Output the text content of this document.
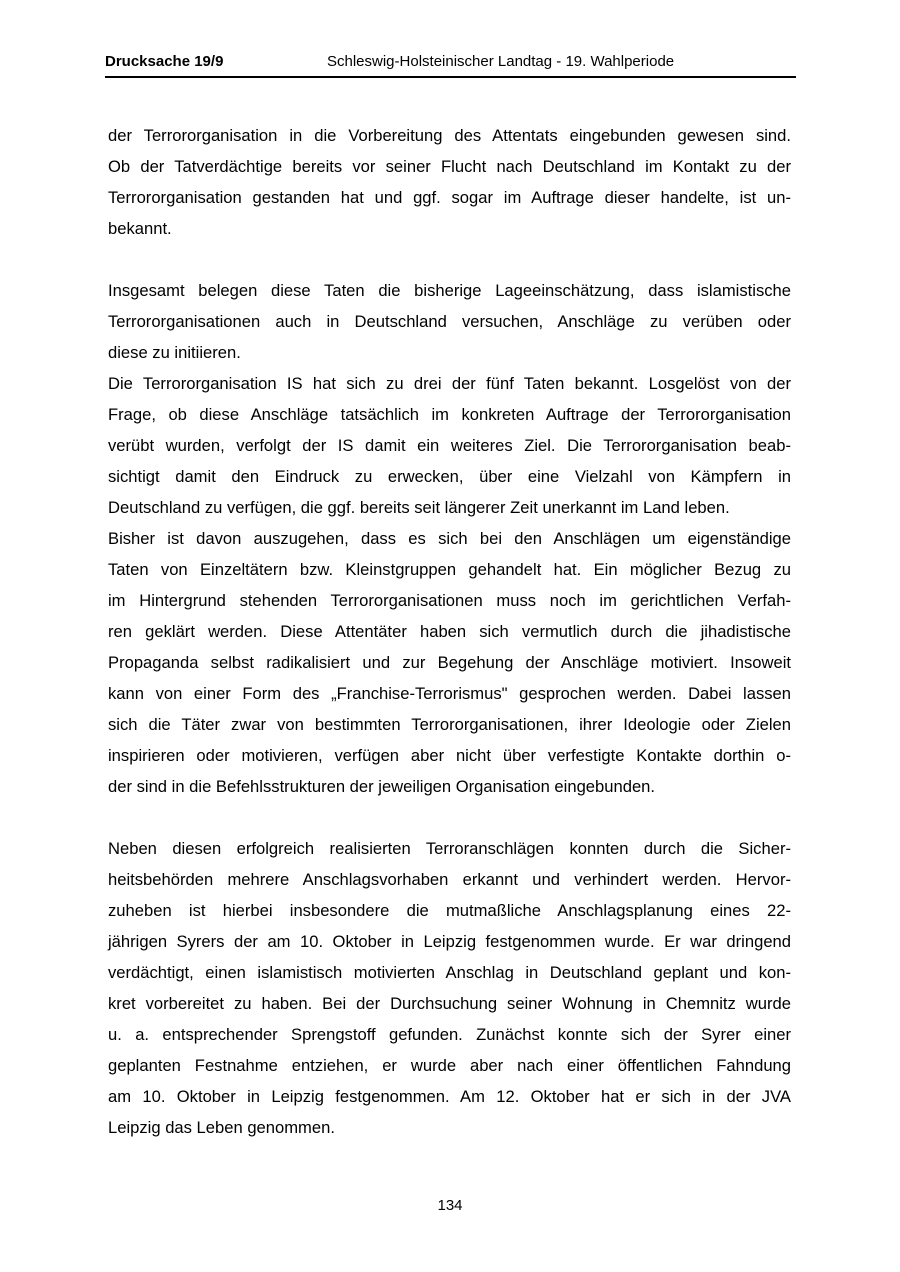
Drucksache 19/9	Schleswig-Holsteinischer Landtag - 19. Wahlperiode
der Terrororganisation in die Vorbereitung des Attentats eingebunden gewesen sind.
Ob der Tatverdächtige bereits vor seiner Flucht nach Deutschland im Kontakt zu der
Terrororganisation gestanden hat und ggf. sogar im Auftrage dieser handelte, ist un-
bekannt.
Insgesamt belegen diese Taten die bisherige Lageeinschätzung, dass islamistische
Terrororganisationen auch in Deutschland versuchen, Anschläge zu verüben oder
diese zu initiieren.
Die Terrororganisation IS hat sich zu drei der fünf Taten bekannt. Losgelöst von der
Frage, ob diese Anschläge tatsächlich im konkreten Auftrage der Terrororganisation
verübt wurden, verfolgt der IS damit ein weiteres Ziel. Die Terrororganisation beab-
sichtigt damit den Eindruck zu erwecken, über eine Vielzahl von Kämpfern in
Deutschland zu verfügen, die ggf. bereits seit längerer Zeit unerkannt im Land leben.
Bisher ist davon auszugehen, dass es sich bei den Anschlägen um eigenständige
Taten von Einzeltätern bzw. Kleinstgruppen gehandelt hat. Ein möglicher Bezug zu
im Hintergrund stehenden Terrororganisationen muss noch im gerichtlichen Verfah-
ren geklärt werden. Diese Attentäter haben sich vermutlich durch die jihadistische
Propaganda selbst radikalisiert und zur Begehung der Anschläge motiviert. Insoweit
kann von einer Form des „Franchise-Terrorismus" gesprochen werden. Dabei lassen
sich die Täter zwar von bestimmten Terrororganisationen, ihrer Ideologie oder Zielen
inspirieren oder motivieren, verfügen aber nicht über verfestigte Kontakte dorthin o-
der sind in die Befehlsstrukturen der jeweiligen Organisation eingebunden.
Neben diesen erfolgreich realisierten Terroranschlägen konnten durch die Sicher-
heitsbehörden mehrere Anschlagsvorhaben erkannt und verhindert werden. Hervor-
zuheben ist hierbei insbesondere die mutmaßliche Anschlagsplanung eines 22-
jährigen Syrers der am 10. Oktober in Leipzig festgenommen wurde. Er war dringend
verdächtigt, einen islamistisch motivierten Anschlag in Deutschland geplant und kon-
kret vorbereitet zu haben. Bei der Durchsuchung seiner Wohnung in Chemnitz wurde
u. a. entsprechender Sprengstoff gefunden. Zunächst konnte sich der Syrer einer
geplanten Festnahme entziehen, er wurde aber nach einer öffentlichen Fahndung
am 10. Oktober in Leipzig festgenommen. Am 12. Oktober hat er sich in der JVA
Leipzig das Leben genommen.
134
